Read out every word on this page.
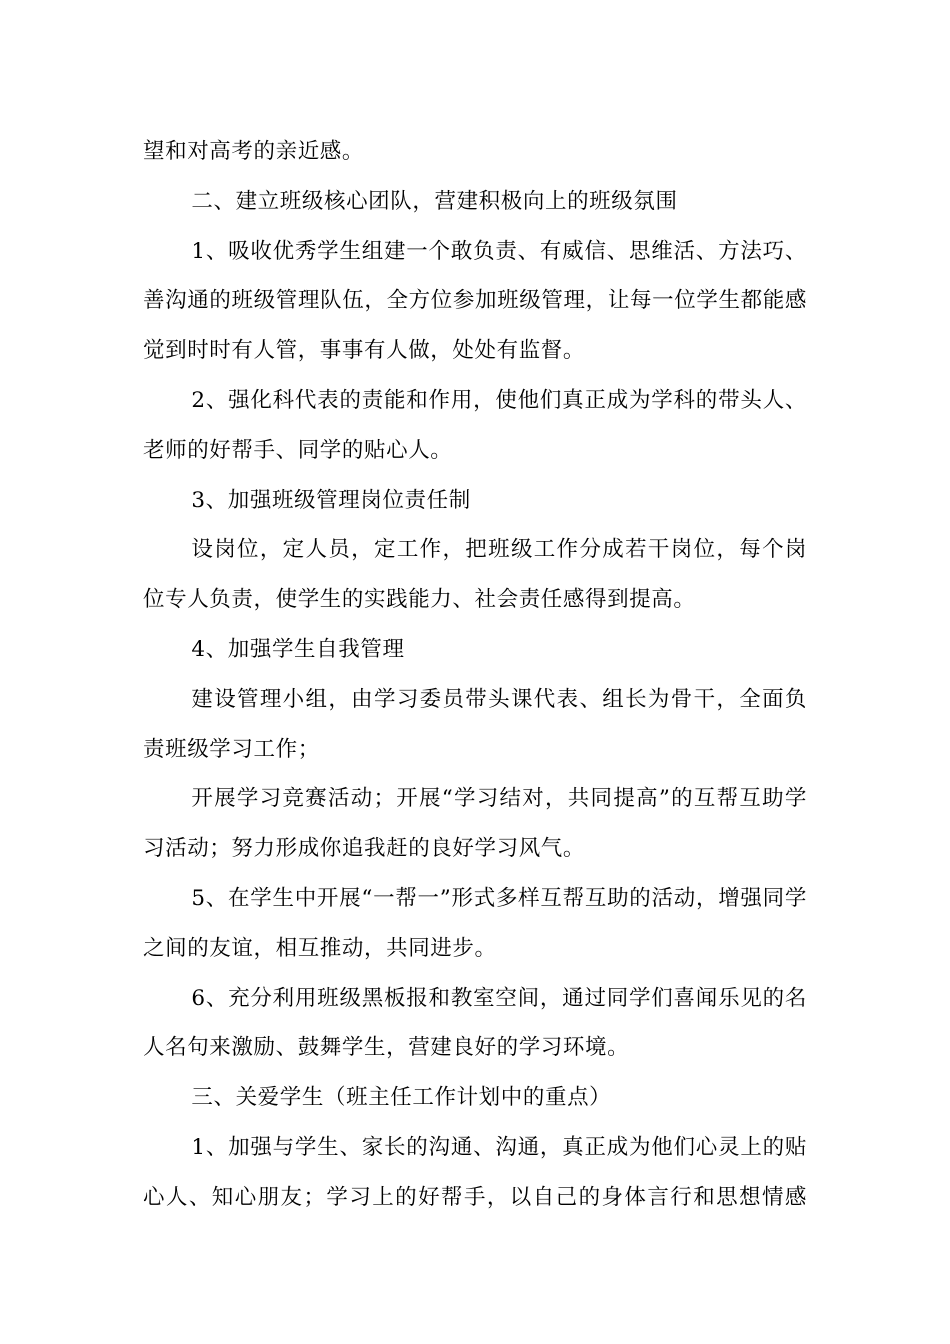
望和对高考的亲近感。

二、建立班级核心团队，营建积极向上的班级氛围

1、吸收优秀学生组建一个敢负责、有威信、思维活、方法巧、善沟通的班级管理队伍，全方位参加班级管理，让每一位学生都能感觉到时时有人管，事事有人做，处处有监督。

2、强化科代表的责能和作用，使他们真正成为学科的带头人、老师的好帮手、同学的贴心人。

3、加强班级管理岗位责任制

设岗位，定人员，定工作，把班级工作分成若干岗位，每个岗位专人负责，使学生的实践能力、社会责任感得到提高。

4、加强学生自我管理

建设管理小组，由学习委员带头课代表、组长为骨干，全面负责班级学习工作；

开展学习竞赛活动；开展“学习结对，共同提高”的互帮互助学习活动；努力形成你追我赶的良好学习风气。

5、在学生中开展“一帮一”形式多样互帮互助的活动，增强同学之间的友谊，相互推动，共同进步。

6、充分利用班级黑板报和教室空间，通过同学们喜闻乐见的名人名句来激励、鼓舞学生，营建良好的学习环境。

三、关爱学生（班主任工作计划中的重点）

1、加强与学生、家长的沟通、沟通，真正成为他们心灵上的贴心人、知心朋友；学习上的好帮手，以自己的身体言行和思想情感
